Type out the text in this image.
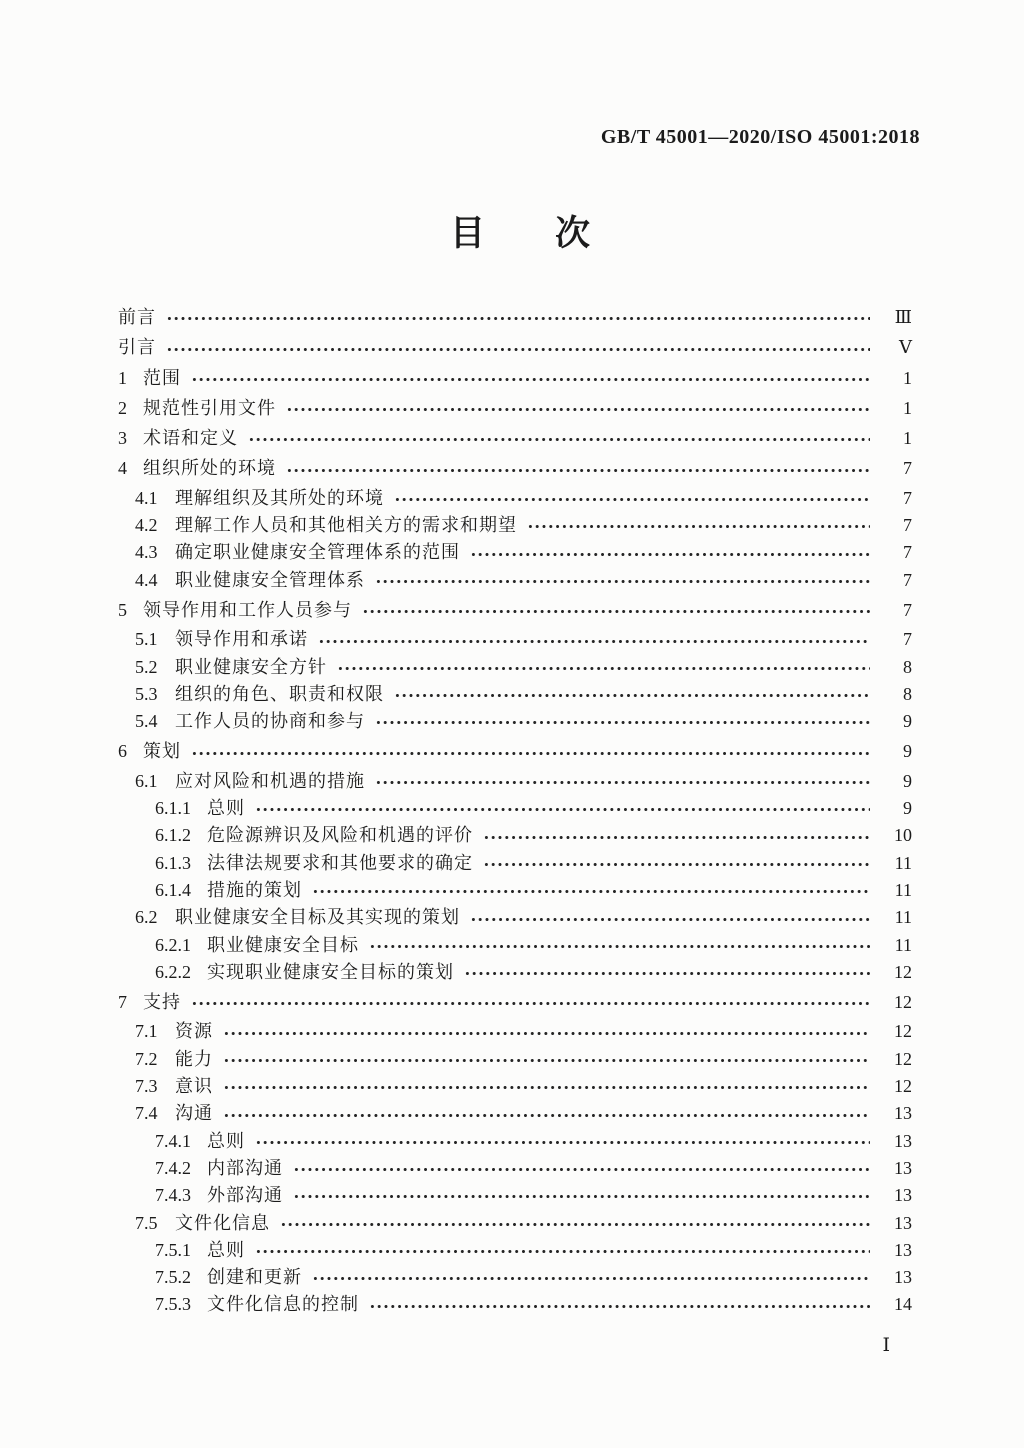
GB/T 45001—2020/ISO 45001:2018
目　　次
前言	Ⅲ
引言	Ⅴ
1 范围	1
2 规范性引用文件	1
3 术语和定义	1
4 组织所处的环境	7
4.1 理解组织及其所处的环境	7
4.2 理解工作人员和其他相关方的需求和期望	7
4.3 确定职业健康安全管理体系的范围	7
4.4 职业健康安全管理体系	7
5 领导作用和工作人员参与	7
5.1 领导作用和承诺	7
5.2 职业健康安全方针	8
5.3 组织的角色、职责和权限	8
5.4 工作人员的协商和参与	9
6 策划	9
6.1 应对风险和机遇的措施	9
6.1.1 总则	9
6.1.2 危险源辨识及风险和机遇的评价	10
6.1.3 法律法规要求和其他要求的确定	11
6.1.4 措施的策划	11
6.2 职业健康安全目标及其实现的策划	11
6.2.1 职业健康安全目标	11
6.2.2 实现职业健康安全目标的策划	12
7 支持	12
7.1 资源	12
7.2 能力	12
7.3 意识	12
7.4 沟通	13
7.4.1 总则	13
7.4.2 内部沟通	13
7.4.3 外部沟通	13
7.5 文件化信息	13
7.5.1 总则	13
7.5.2 创建和更新	13
7.5.3 文件化信息的控制	14
Ⅰ
